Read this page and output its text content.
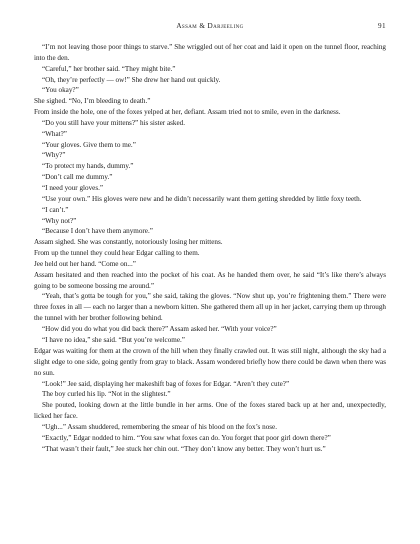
Assam & Darjeeling	91

“I’m not leaving those poor things to starve.” She wriggled out of her coat and laid it open on the tunnel floor, reaching into the den.

“Careful,” her brother said. “They might bite.”

“Oh, they’re perfectly — ow!” She drew her hand out quickly.

“You okay?”

She sighed. “No, I’m bleeding to death.”

From inside the hole, one of the foxes yelped at her, defiant. Assam tried not to smile, even in the darkness.

“Do you still have your mittens?” his sister asked.

“What?”

“Your gloves. Give them to me.”

“Why?”

“To protect my hands, dummy.”

“Don’t call me dummy.”

“I need your gloves.”

“Use your own.” His gloves were new and he didn’t necessarily want them getting shredded by little foxy teeth.

“I can’t.”

“Why not?”

“Because I don’t have them anymore.”

Assam sighed. She was constantly, notoriously losing her mittens.

From up the tunnel they could hear Edgar calling to them.

Jee held out her hand. “Come on...”

Assam hesitated and then reached into the pocket of his coat. As he handed them over, he said “It’s like there’s always going to be someone bossing me around.”

“Yeah, that’s gotta be tough for you,” she said, taking the gloves. “Now shut up, you’re frightening them.” There were three foxes in all — each no larger than a newborn kitten. She gathered them all up in her jacket, carrying them up through the tunnel with her brother following behind.

“How did you do what you did back there?” Assam asked her. “With your voice?”

“I have no idea,” she said. “But you’re welcome.”

Edgar was waiting for them at the crown of the hill when they finally crawled out. It was still night, although the sky had a slight edge to one side, going gently from gray to black. Assam wondered briefly how there could be dawn when there was no sun.

“Look!” Jee said, displaying her makeshift bag of foxes for Edgar. “Aren’t they cute?”

The boy curled his lip. “Not in the slightest.”

She pouted, looking down at the little bundle in her arms. One of the foxes stared back up at her and, unexpectedly, licked her face.

“Ugh...” Assam shuddered, remembering the smear of his blood on the fox’s nose.

“Exactly,” Edgar nodded to him. “You saw what foxes can do. You forget that poor girl down there?”

“That wasn’t their fault,” Jee stuck her chin out. “They don’t know any better. They won’t hurt us.”
